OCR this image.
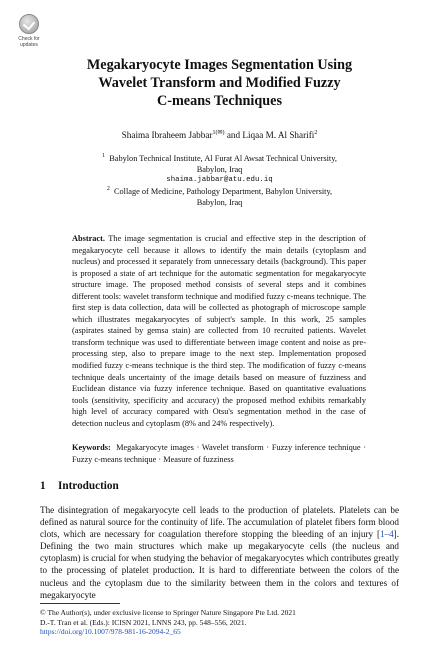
Check for
updates
Megakaryocyte Images Segmentation Using
Wavelet Transform and Modified Fuzzy
C-means Techniques
Shaima Ibraheem Jabbar$^{1(✉)}$ and Liqaa M. Al Sharifi$^2$
$^1$ Babylon Technical Institute, Al Furat Al Awsat Technical University,
Babylon, Iraq
shaima.jabbar@atu.edu.iq
$^2$ Collage of Medicine, Pathology Department, Babylon University,
Babylon, Iraq
Abstract. The image segmentation is crucial and effective step in the description of megakaryocyte cell because it allows to identify the main details (cytoplasm and nucleus) and processed it separately from unnecessary details (background). This paper is proposed a state of art technique for the automatic segmentation for megakaryocyte structure image. The proposed method consists of several steps and it combines different tools: wavelet transform technique and modified fuzzy c-means technique. The first step is data collection, data will be collected as photograph of microscope sample which illustrates megakaryocytes of subject's sample. In this work, 25 samples (aspirates stained by gemsa stain) are collected from 10 recruited patients. Wavelet transform technique was used to differentiate between image content and noise as pre-processing step, also to prepare image to the next step. Implementation proposed modified fuzzy c-means technique is the third step. The modification of fuzzy c-means technique deals uncertainty of the image details based on measure of fuzziness and Euclidean distance via fuzzy inference technique. Based on quantitative evaluations tools (sensitivity, specificity and accuracy) the proposed method exhibits remarkably high level of accuracy compared with Otsu's segmentation method in the case of detection nucleus and cytoplasm (8% and 24% respectively).
Keywords: Megakaryocyte images · Wavelet transform · Fuzzy inference technique · Fuzzy c-means technique · Measure of fuzziness
1 Introduction
The disintegration of megakaryocyte cell leads to the production of platelets. Platelets can be defined as natural source for the continuity of life. The accumulation of platelet fibers form blood clots, which are necessary for coagulation therefore stopping the bleeding of an injury [1–4]. Defining the two main structures which make up megakaryocyte cells (the nucleus and cytoplasm) is crucial for when studying the behavior of megakaryocytes which contributes greatly to the processing of platelet production. It is hard to differentiate between the colors of the nucleus and the cytoplasm due to the similarity between them in the colors and textures of megakaryocyte
© The Author(s), under exclusive license to Springer Nature Singapore Pte Ltd. 2021
D.-T. Tran et al. (Eds.): ICISN 2021, LNNS 243, pp. 548–556, 2021.
https://doi.org/10.1007/978-981-16-2094-2_65
